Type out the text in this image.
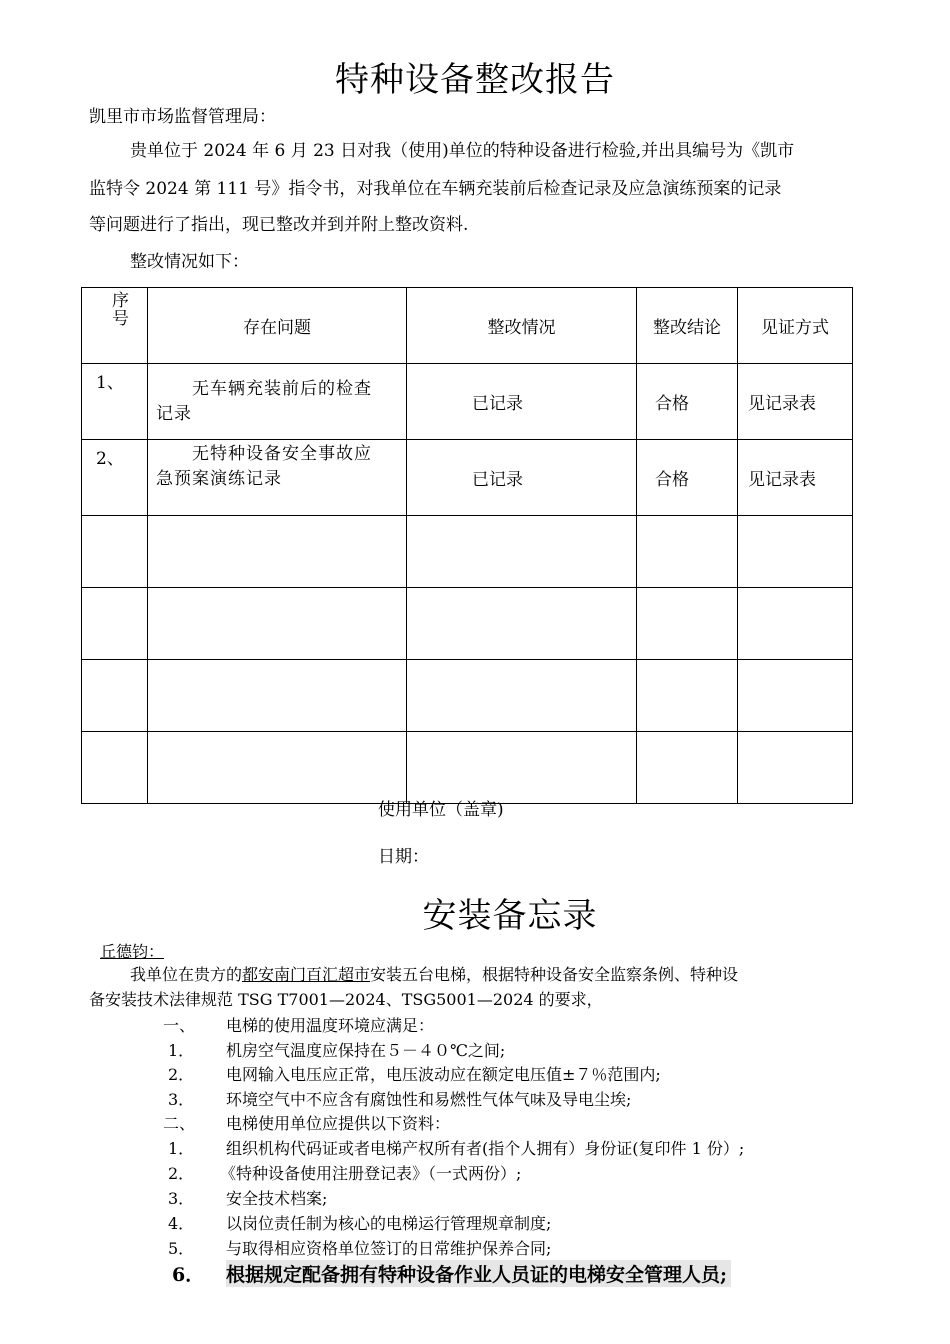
特种设备整改报告
凯里市市场监督管理局：
贵单位于 2024 年 6 月 23 日对我（使用)单位的特种设备进行检验,并出具编号为《凯市
监特令 2024 第 111 号》指令书，对我单位在车辆充装前后检查记录及应急演练预案的记录
等问题进行了指出，现已整改并到并附上整改资料.
整改情况如下：
序
号	存在问题	整改情况	整改结论	见证方式
1、	无车辆充装前后的检查
记录	已记录	合格	见记录表
2、	无特种设备安全事故应
急预案演练记录	已记录	合格	见记录表

使用单位（盖章)
日期：
安装备忘录
丘德钧：
我单位在贵方的都安南门百汇超市安装五台电梯，根据特种设备安全监察条例、特种设
备安装技术法律规范 TSG T7001—2024、TSG5001—2024 的要求，
一、 电梯的使用温度环境应满足：
1． 机房空气温度应保持在５－４０℃之间;
2． 电网输入电压应正常，电压波动应在额定电压值±７％范围内;
3． 环境空气中不应含有腐蚀性和易燃性气体气味及导电尘埃;
二、 电梯使用单位应提供以下资料：
1． 组织机构代码证或者电梯产权所有者(指个人拥有）身份证(复印件 1 份）;
2． 《特种设备使用注册登记表》（一式两份）;
3． 安全技术档案;
4． 以岗位责任制为核心的电梯运行管理规章制度;
5． 与取得相应资格单位签订的日常维护保养合同;
6． 根据规定配备拥有特种设备作业人员证的电梯安全管理人员;
